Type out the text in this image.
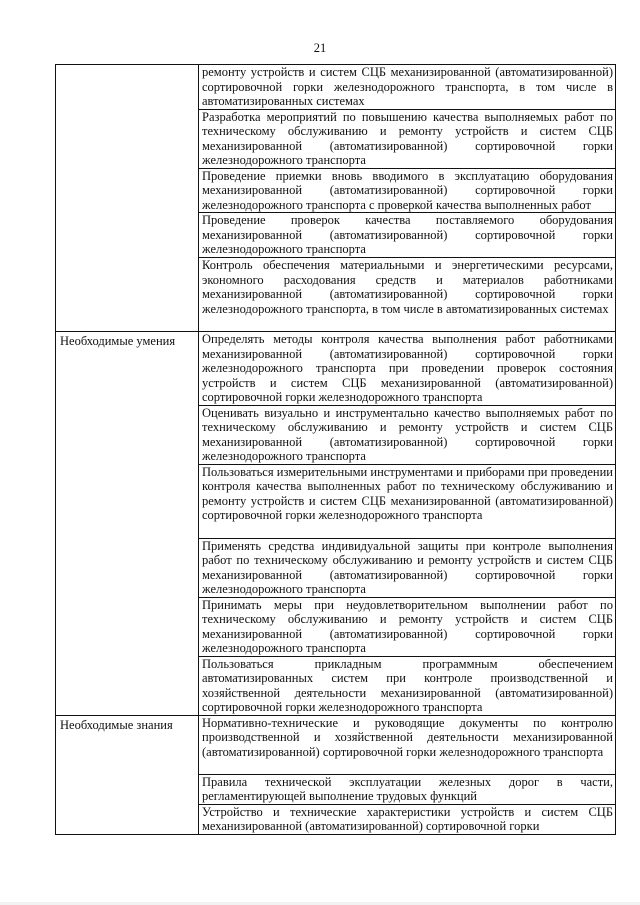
21
	ремонту устройств и систем СЦБ механизированной (автоматизированной) сортировочной горки железнодорожного транспорта, в том числе в автоматизированных системах
	Разработка мероприятий по повышению качества выполняемых работ по техническому обслуживанию и ремонту устройств и систем СЦБ механизированной (автоматизированной) сортировочной горки железнодорожного транспорта
	Проведение приемки вновь вводимого в эксплуатацию оборудования механизированной (автоматизированной) сортировочной горки железнодорожного транспорта с проверкой качества выполненных работ
	Проведение проверок качества поставляемого оборудования механизированной (автоматизированной) сортировочной горки железнодорожного транспорта
	Контроль обеспечения материальными и энергетическими ресурсами, экономного расходования средств и материалов работниками механизированной (автоматизированной) сортировочной горки железнодорожного транспорта, в том числе в автоматизированных системах
Необходимые умения	Определять методы контроля качества выполнения работ работниками механизированной (автоматизированной) сортировочной горки железнодорожного транспорта при проведении проверок состояния устройств и систем СЦБ механизированной (автоматизированной) сортировочной горки железнодорожного транспорта
	Оценивать визуально и инструментально качество выполняемых работ по техническому обслуживанию и ремонту устройств и систем СЦБ механизированной (автоматизированной) сортировочной горки железнодорожного транспорта
	Пользоваться измерительными инструментами и приборами при проведении контроля качества выполненных работ по техническому обслуживанию и ремонту устройств и систем СЦБ механизированной (автоматизированной) сортировочной горки железнодорожного транспорта
	Применять средства индивидуальной защиты при контроле выполнения работ по техническому обслуживанию и ремонту устройств и систем СЦБ механизированной (автоматизированной) сортировочной горки железнодорожного транспорта
	Принимать меры при неудовлетворительном выполнении работ по техническому обслуживанию и ремонту устройств и систем СЦБ механизированной (автоматизированной) сортировочной горки железнодорожного транспорта
	Пользоваться прикладным программным обеспечением автоматизированных систем при контроле производственной и хозяйственной деятельности механизированной (автоматизированной) сортировочной горки железнодорожного транспорта
Необходимые знания	Нормативно-технические и руководящие документы по контролю производственной и хозяйственной деятельности механизированной (автоматизированной) сортировочной горки железнодорожного транспорта
	Правила технической эксплуатации железных дорог в части, регламентирующей выполнение трудовых функций
	Устройство и технические характеристики устройств и систем СЦБ механизированной (автоматизированной) сортировочной горки
